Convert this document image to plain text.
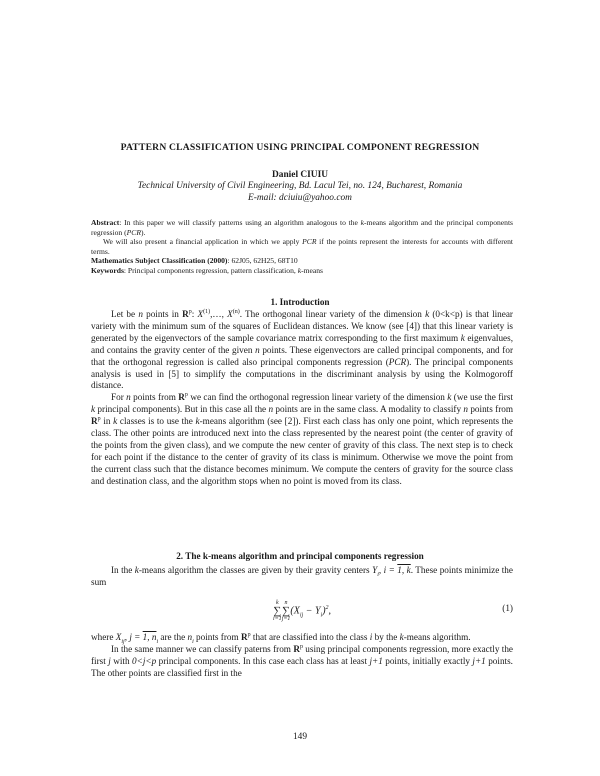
PATTERN CLASSIFICATION USING PRINCIPAL COMPONENT REGRESSION
Daniel CIUIU
Technical University of Civil Engineering, Bd. Lacul Tei, no. 124, Bucharest, Romania
E-mail: dciuiu@yahoo.com

Abstract: In this paper we will classify patterns using an algorithm analogous to the k-means algorithm and the principal components regression (PCR).

We will also present a financial application in which we apply PCR if the points represent the interests for accounts with different terms.

Mathematics Subject Classification (2000): 62J05, 62H25, 68T10

Keywords: Principal components regression, pattern classification, k-means

1. Introduction

Let be n points in $R^p$: $X^{(1)},\dots$, $X^{(n)}$. The orthogonal linear variety of the dimension k (0<k<p) is that linear variety with the minimum sum of the squares of Euclidean distances. We know (see [4]) that this linear variety is generated by the eigenvectors of the sample covariance matrix corresponding to the first maximum k eigenvalues, and contains the gravity center of the given n points. These eigenvectors are called principal components, and for that the orthogonal regression is called also principal components regression (PCR). The principal components analysis is used in [5] to simplify the computations in the discriminant analysis by using the Kolmogoroff distance.

For n points from $R^p$ we can find the orthogonal regression linear variety of the dimension k (we use the first k principal components). But in this case all the n points are in the same class. A modality to classify n points from $R^p$ in k classes is to use the k-means algorithm (see [2]). First each class has only one point, which represents the class. The other points are introduced next into the class represented by the nearest point (the center of gravity of the points from the given class), and we compute the new center of gravity of this class. The next step is to check for each point if the distance to the center of gravity of its class is minimum. Otherwise we move the point from the current class such that the distance becomes minimum. We compute the centers of gravity for the source class and destination class, and the algorithm stops when no point is moved from its class.

2. The k-means algorithm and principal components regression

In the k-means algorithm the classes are given by their gravity centers $Y_i$, i = 1, k. These points minimize the sum

k
∑
i=1n
∑
$j=1(X_{ij} - Y_i)^2$,	(1)

where $X_{ij}$, j = 1, $n_i$ are the $n_i$ points from $R^p$ that are classified into the class i by the k-means algorithm.

In the same manner we can classify paterns from $R^p$ using principal components regression, more exactly the first j with 0<j<p principal components. In this case each class has at least j+1 points, initially exactly j+1 points. The other points are classified first in the

149
